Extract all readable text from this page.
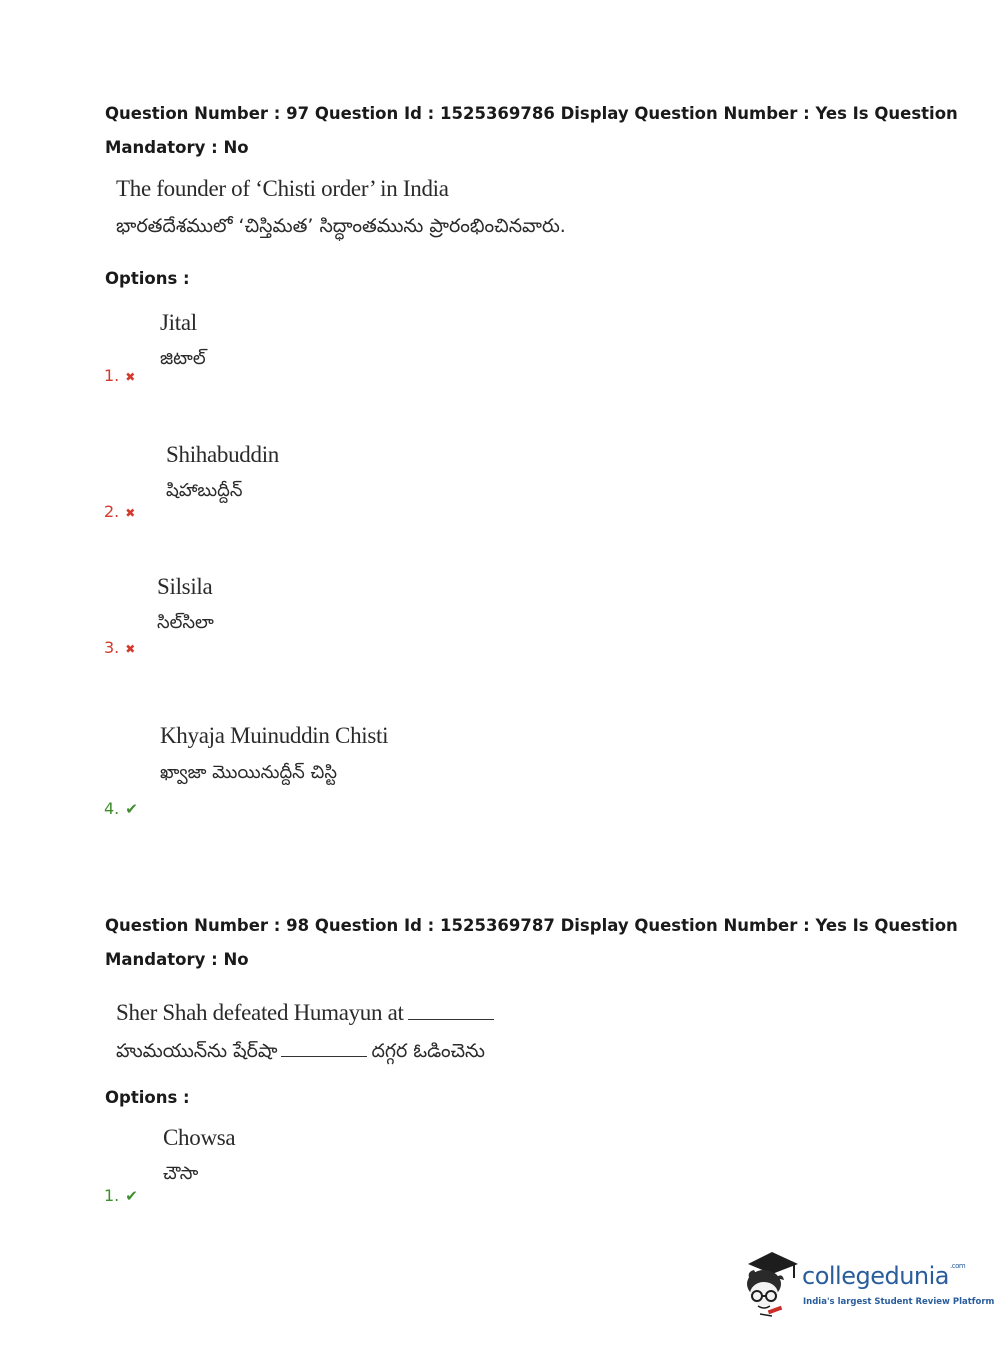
Question Number : 97 Question Id : 1525369786 Display Question Number : Yes Is Question
Mandatory : No
The founder of ‘Chisti order’ in India
భారతదేశములో ‘చిస్తిమత’ సిద్ధాంతమును ప్రారంభించినవారు.
Options :
Jital
జిటాల్
1. ✖
Shihabuddin
షిహాబుద్దీన్
2. ✖
Silsila
సిల్‌సిలా
3. ✖
Khyaja Muinuddin Chisti
ఖ్వాజా మొయినుద్దీన్ చిస్టి
4. ✔
Question Number : 98 Question Id : 1525369787 Display Question Number : Yes Is Question
Mandatory : No
Sher Shah defeated Humayun at
హుమయున్‌ను షేర్‌షా	దగ్గర ఓడించెను
Options :
Chowsa
చౌసా
1. ✔
collegedunia$^{.com}$
India's largest Student Review Platform
